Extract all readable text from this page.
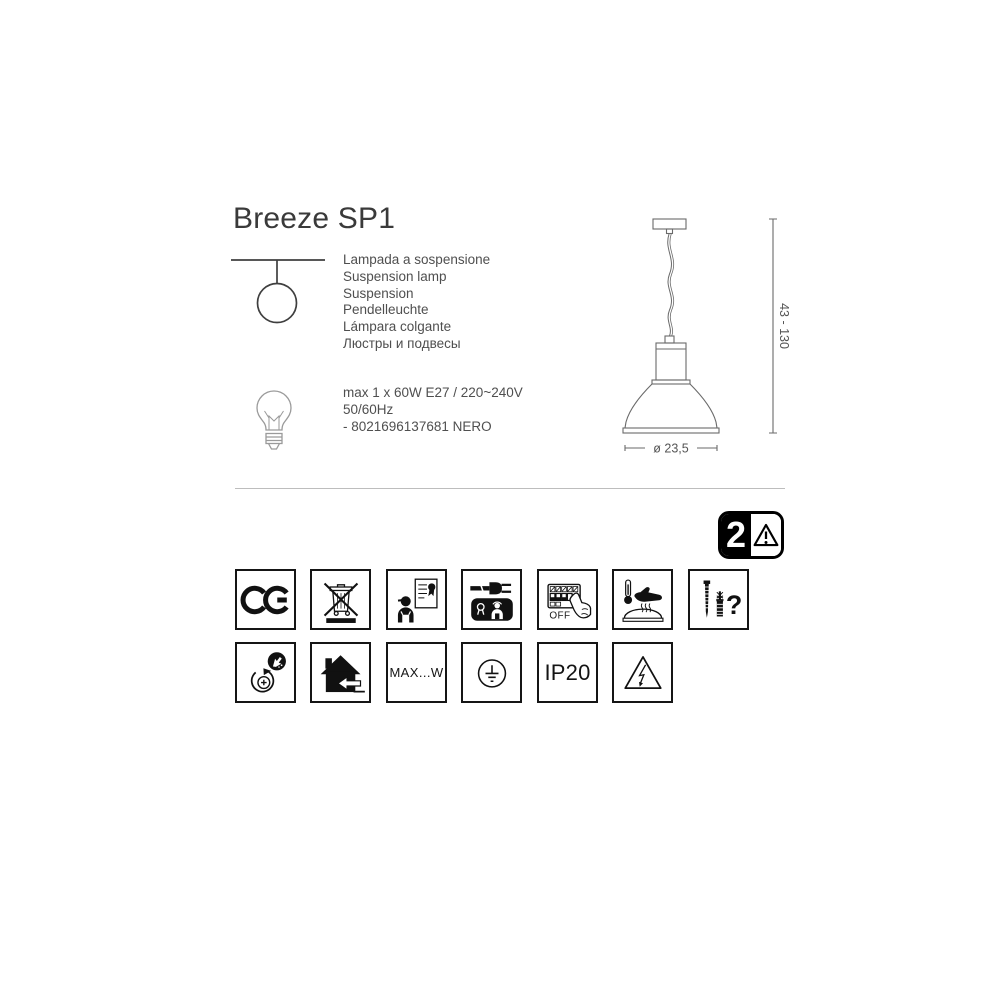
Breeze SP1
Lampada a sospensione
Suspension lamp
Suspension
Pendelleuchte
Lámpara colgante
Люстры и подвесы
max 1 x 60W E27 / 220~240V
50/60Hz
- 8021696137681 NERO
43 - 130
ø 23,5
2
OFF	?
MAX...W	IP20
